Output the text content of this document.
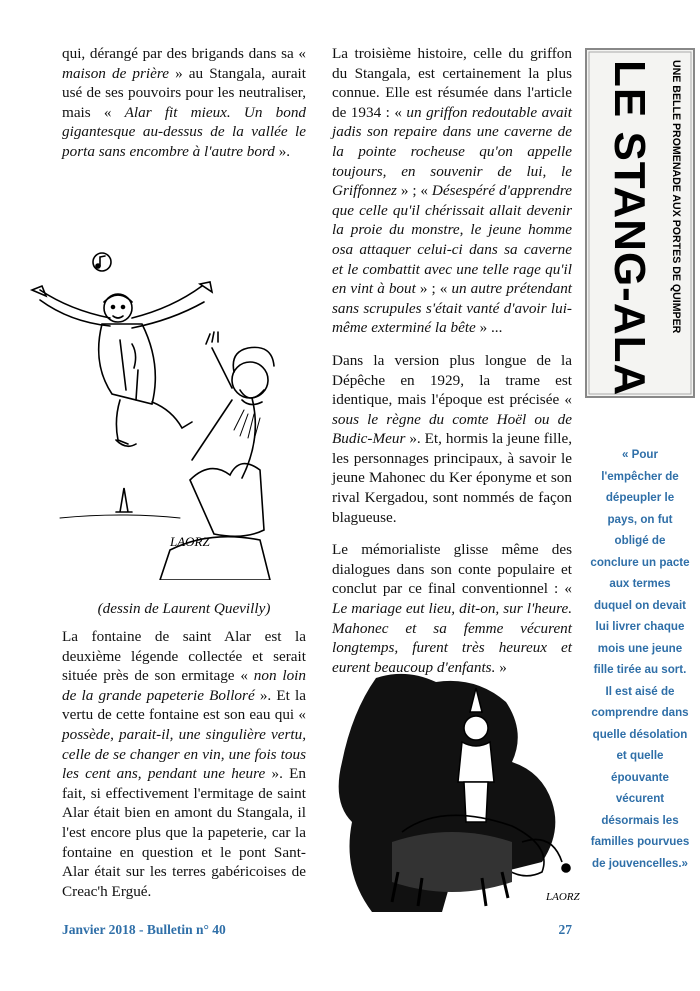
qui, dérangé par des brigands dans sa « maison de prière » au Stangala, aurait usé de ses pouvoirs pour les neutraliser, mais « Alar fit mieux. Un bond gigantesque au-dessus de la vallée le porta sans encombre à l'autre bord ».

La fontaine de saint Alar est la deuxième légende collectée et serait située près de son ermitage « non loin de la grande papeterie Bolloré ». Et la vertu de cette fontaine est son eau qui « possède, parait-il, une singulière vertu, celle de se changer en vin, une fois tous les cent ans, pendant une heure ». En fait, si effectivement l'ermitage de saint Alar était bien en amont du Stangala, il l'est encore plus que la papeterie, car la fontaine en question et le pont Sant-Alar était sur les terres gabéricoises de Creac'h Ergué.

LAORZ
(dessin de Laurent Quevilly)

La troisième histoire, celle du griffon du Stangala, est certainement la plus connue. Elle est résumée dans l'article de 1934 : « un griffon redoutable avait jadis son repaire dans une caverne de la pointe rocheuse qu'on appelle toujours, en souvenir de lui, le Griffonnez » ; « Désespéré d'apprendre que celle qu'il chérissait allait devenir la proie du monstre, le jeune homme osa attaquer celui-ci dans sa caverne et le combattit avec une telle rage qu'il en vint à bout » ; « un autre prétendant sans scrupules s'était vanté d'avoir lui-même exterminé la bête » ...

Dans la version plus longue de la Dépêche en 1929, la trame est identique, mais l'époque est précisée « sous le règne du comte Hoël ou de Budic-Meur ». Et, hormis la jeune fille, les personnages principaux, à savoir le jeune Mahonec du Ker éponyme et son rival Kergadou, sont nommés de façon blagueuse.

Le mémorialiste glisse même des dialogues dans son conte populaire et conclut par ce final conventionnel : « Le mariage eut lieu, dit-on, sur l'heure. Mahonec et sa femme vécurent longtemps, furent très heureux et eurent beaucoup d'enfants. »

LAORZ
LE STANG-ALA UNE BELLE PROMENADE AUX PORTES DE QUIMPER
« Pour l'empêcher de dépeupler le pays, on fut obligé de conclure un pacte aux termes duquel on devait lui livrer chaque mois une jeune fille tirée au sort. Il est aisé de comprendre dans quelle désolation et quelle épouvante vécurent désormais les familles pourvues de jouvencelles.»
Janvier 2018 - Bulletin n° 40	27
